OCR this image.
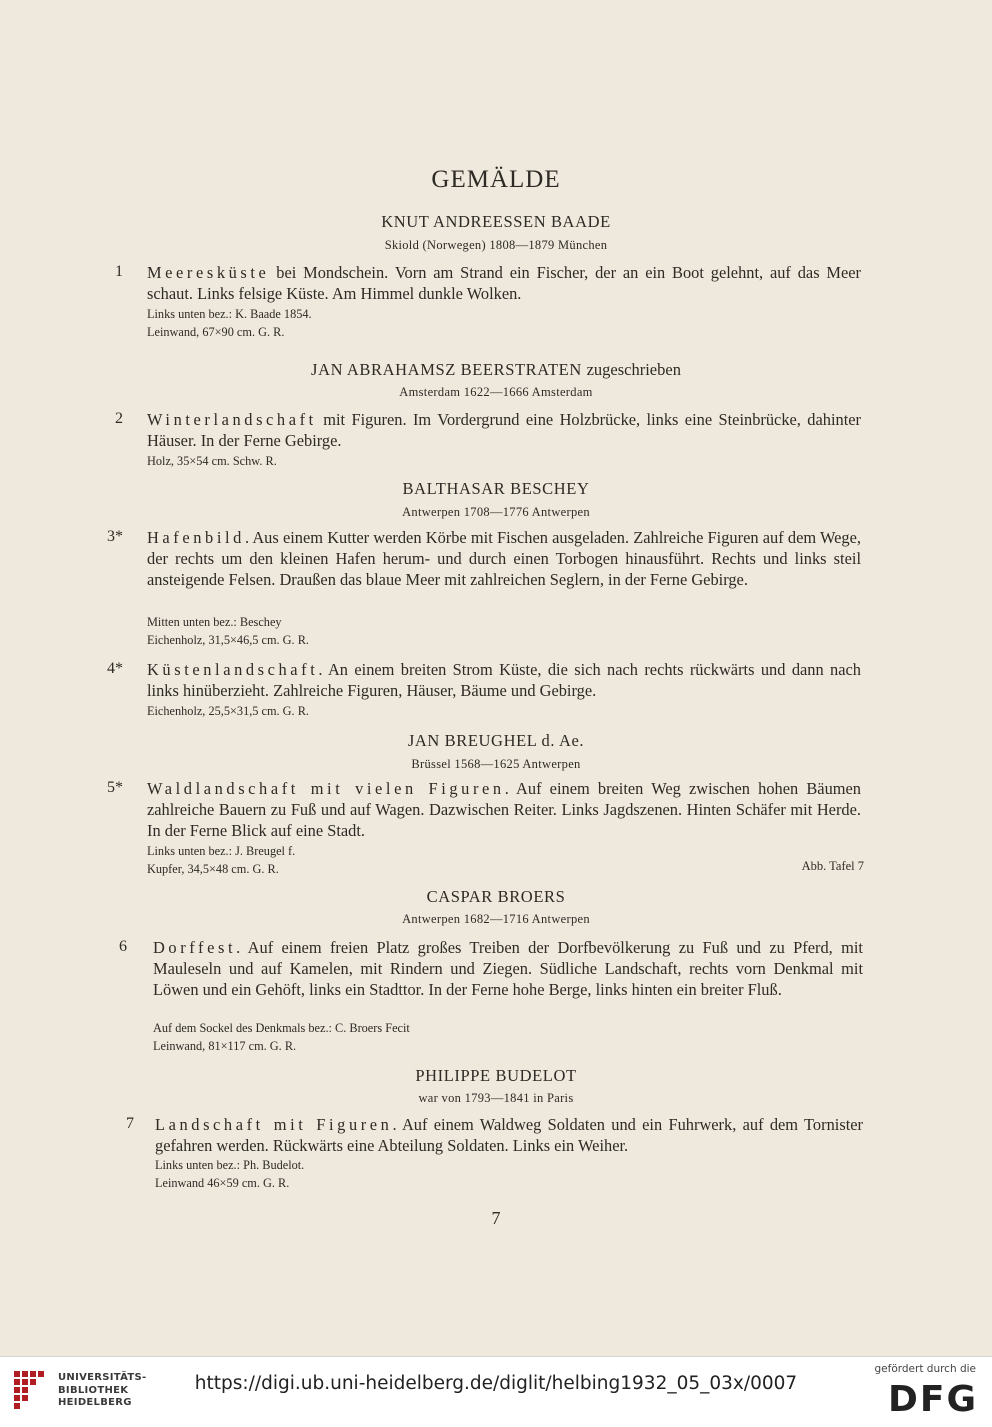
GEMÄLDE
KNUT ANDREESSEN BAADE
Skiold (Norwegen) 1808—1879 München
1 Meeresküste bei Mondschein. Vorn am Strand ein Fischer, der an ein Boot gelehnt, auf das Meer schaut. Links felsige Küste. Am Himmel dunkle Wolken.

Links unten bez.: K. Baade 1854.
Leinwand, 67×90 cm. G. R.
JAN ABRAHAMSZ BEERSTRATEN zugeschrieben
Amsterdam 1622—1666 Amsterdam
2 Winterlandschaft mit Figuren. Im Vordergrund eine Holzbrücke, links eine Steinbrücke, dahinter Häuser. In der Ferne Gebirge.

Holz, 35×54 cm. Schw. R.
BALTHASAR BESCHEY
Antwerpen 1708—1776 Antwerpen
3* Hafenbild. Aus einem Kutter werden Körbe mit Fischen ausgeladen. Zahlreiche Figuren auf dem Wege, der rechts um den kleinen Hafen herum- und durch einen Torbogen hinausführt. Rechts und links steil ansteigende Felsen. Draußen das blaue Meer mit zahlreichen Seglern, in der Ferne Gebirge.

Mitten unten bez.: Beschey
Eichenholz, 31,5×46,5 cm. G. R.
4* Küstenlandschaft. An einem breiten Strom Küste, die sich nach rechts rückwärts und dann nach links hinüberzieht. Zahlreiche Figuren, Häuser, Bäume und Gebirge.

Eichenholz, 25,5×31,5 cm. G. R.
JAN BREUGHEL d. Ae.
Brüssel 1568—1625 Antwerpen
5* Waldlandschaft mit vielen Figuren. Auf einem breiten Weg zwischen hohen Bäumen zahlreiche Bauern zu Fuß und auf Wagen. Dazwischen Reiter. Links Jagdszenen. Hinten Schäfer mit Herde. In der Ferne Blick auf eine Stadt.

Links unten bez.: J. Breugel f.
Kupfer, 34,5×48 cm. G. R.	Abb. Tafel 7
CASPAR BROERS
Antwerpen 1682—1716 Antwerpen
6 Dorffest. Auf einem freien Platz großes Treiben der Dorfbevölkerung zu Fuß und zu Pferd, mit Mauleseln und auf Kamelen, mit Rindern und Ziegen. Südliche Landschaft, rechts vorn Denkmal mit Löwen und ein Gehöft, links ein Stadttor. In der Ferne hohe Berge, links hinten ein breiter Fluß.

Auf dem Sockel des Denkmals bez.: C. Broers Fecit
Leinwand, 81×117 cm. G. R.
PHILIPPE BUDELOT
war von 1793—1841 in Paris
7 Landschaft mit Figuren. Auf einem Waldweg Soldaten und ein Fuhrwerk, auf dem Tornister gefahren werden. Rückwärts eine Abteilung Soldaten. Links ein Weiher.

Links unten bez.: Ph. Budelot.
Leinwand 46×59 cm. G. R.
7
UNIVERSITÄTS-
BIBLIOTHEK
HEIDELBERG
https://digi.ub.uni-heidelberg.de/diglit/helbing1932_05_03x/0007
gefördert durch die
DFG
